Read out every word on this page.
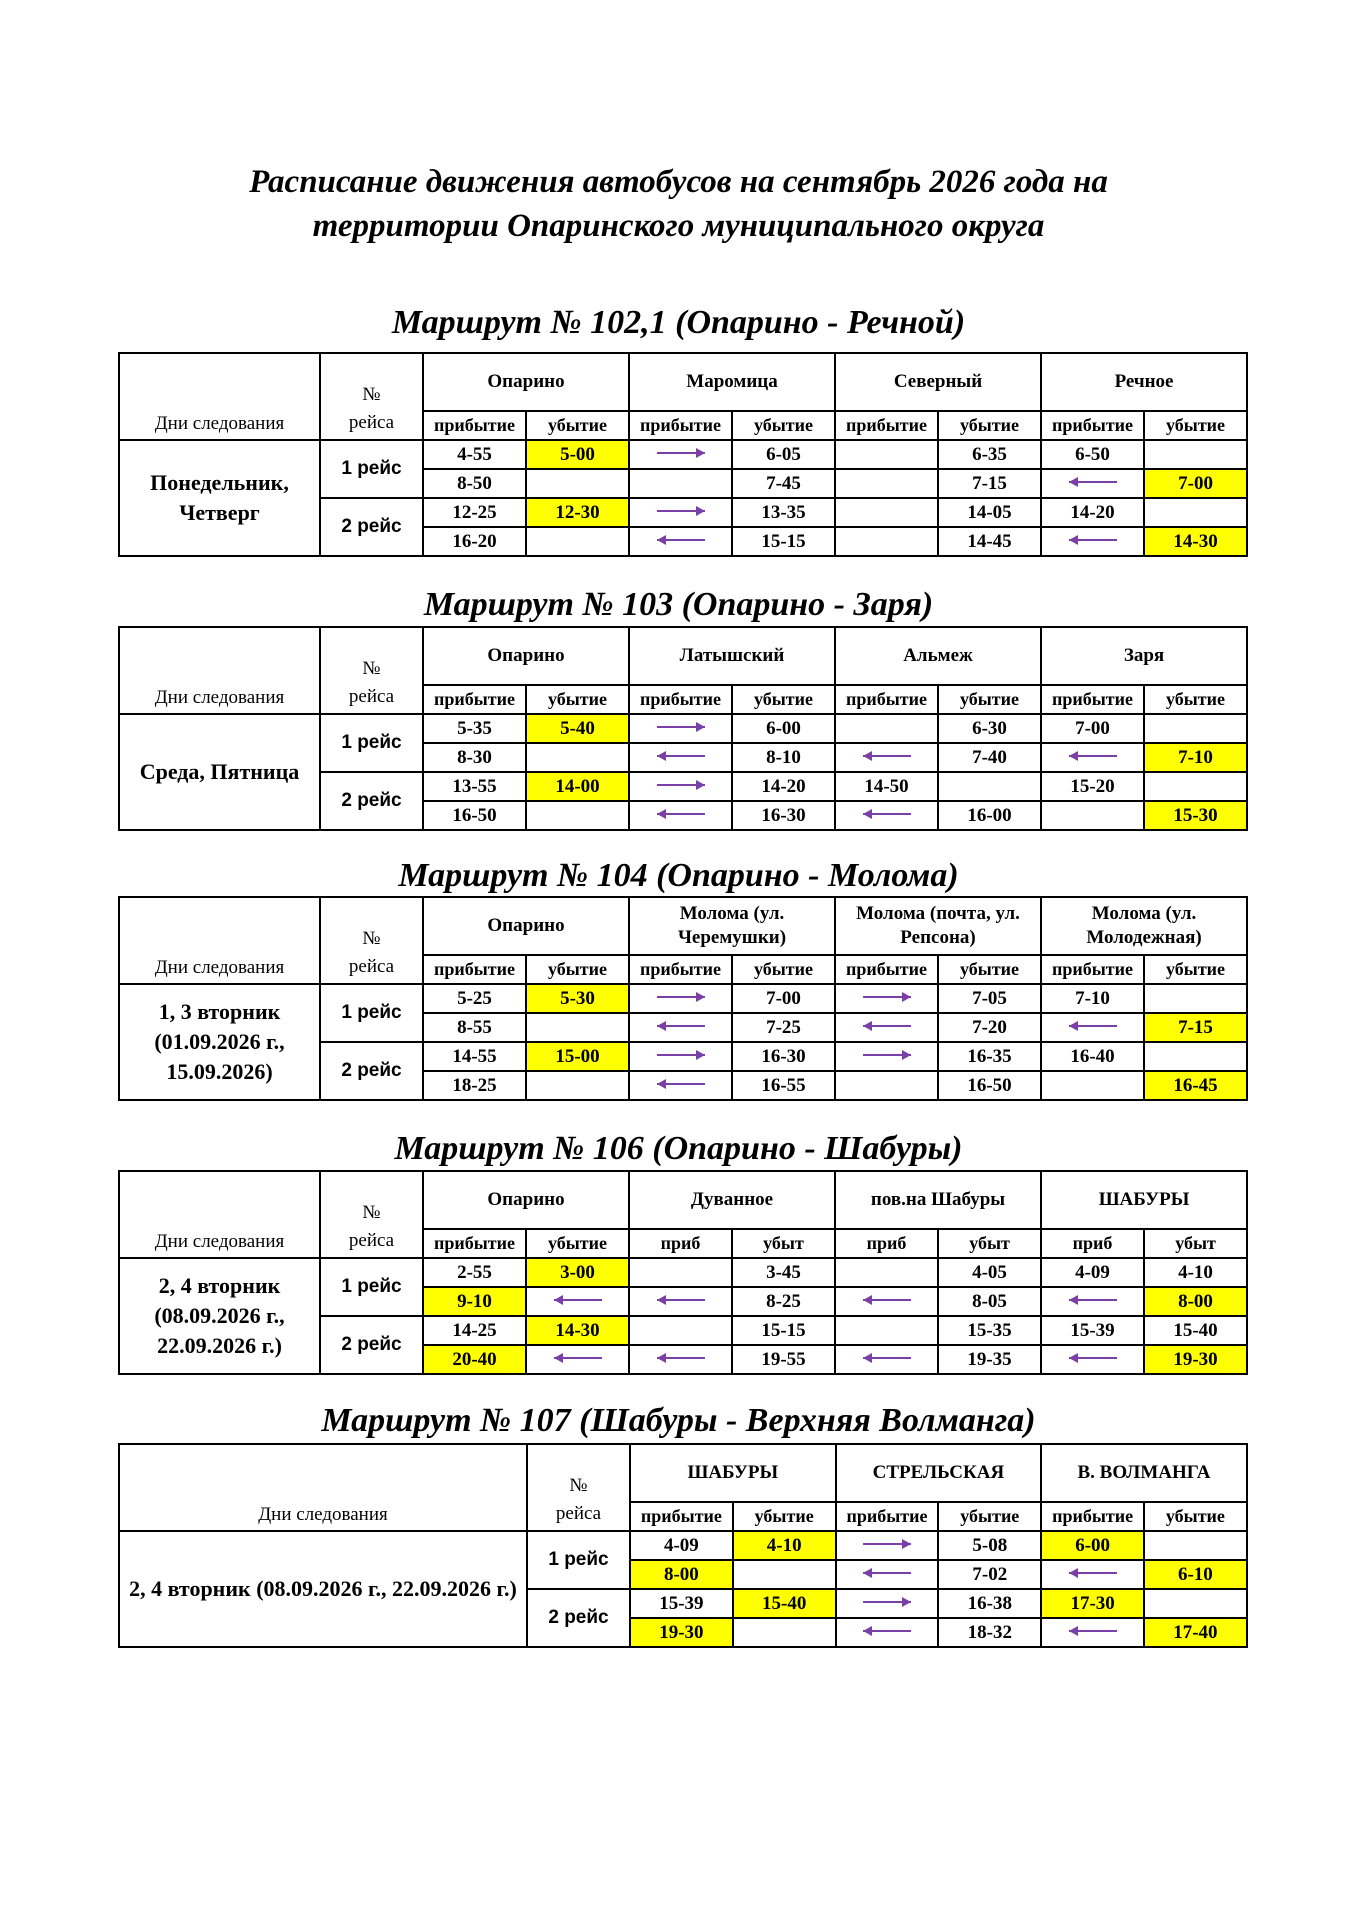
Расписание движения автобусов на сентябрь 2026 года на
территории Опаринского муниципального округа
Маршрут № 102,1 (Опарино - Речной)
Дни следования	№
рейса	Опарино		Маромица		Северный		Речное	
		прибытие	убытие	прибытие	убытие	прибытие	убытие	прибытие	убытие
Понедельник, Четверг	1 рейс	4-55	5-00		6-05		6-35	6-50	
		8-50			7-45		7-15		7-00
	2 рейс	12-25	12-30		13-35		14-05	14-20	
		16-20			15-15		14-45		14-30
Маршрут № 103 (Опарино - Заря)
Дни следования	№
рейса	Опарино		Латышский		Альмеж		Заря	
		прибытие	убытие	прибытие	убытие	прибытие	убытие	прибытие	убытие
Среда, Пятница	1 рейс	5-35	5-40		6-00		6-30	7-00	
		8-30			8-10		7-40		7-10
	2 рейс	13-55	14-00		14-20	14-50		15-20	
		16-50			16-30		16-00		15-30
Маршрут № 104 (Опарино - Молома)
Дни следования	№
рейса	Опарино		Молома (ул. Черемушки)		Молома (почта, ул. Репсона)		Молома (ул. Молодежная)	
		прибытие	убытие	прибытие	убытие	прибытие	убытие	прибытие	убытие
1, 3 вторник (01.09.2026 г., 15.09.2026)	1 рейс	5-25	5-30		7-00		7-05	7-10	
		8-55			7-25		7-20		7-15
	2 рейс	14-55	15-00		16-30		16-35	16-40	
		18-25			16-55		16-50		16-45
Маршрут № 106 (Опарино - Шабуры)
Дни следования	№
рейса	Опарино		Дуванное		пов.на Шабуры		ШАБУРЫ	
		прибытие	убытие	приб	убыт	приб	убыт	приб	убыт
2, 4 вторник (08.09.2026 г., 22.09.2026 г.)	1 рейс	2-55	3-00		3-45		4-05	4-09	4-10
		9-10			8-25		8-05		8-00
	2 рейс	14-25	14-30		15-15		15-35	15-39	15-40
		20-40			19-55		19-35		19-30
Маршрут № 107 (Шабуры - Верхняя Волманга)
Дни следования	№
рейса	ШАБУРЫ		СТРЕЛЬСКАЯ		В. ВОЛМАНГА	
		прибытие	убытие	прибытие	убытие	прибытие	убытие
2, 4 вторник (08.09.2026 г., 22.09.2026 г.)	1 рейс	4-09	4-10		5-08	6-00	
		8-00			7-02		6-10
	2 рейс	15-39	15-40		16-38	17-30	
		19-30			18-32		17-40
